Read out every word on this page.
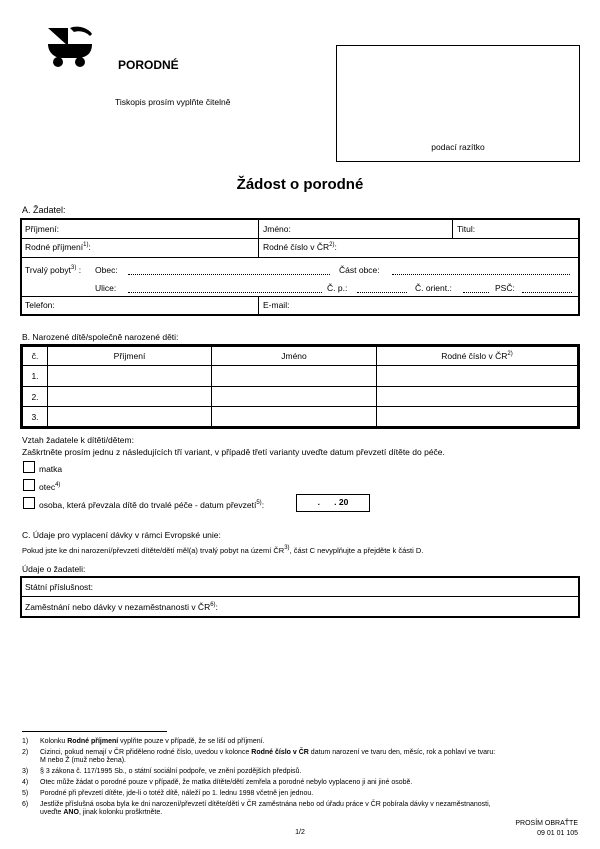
PORODNÉ
Tiskopis prosím vyplňte čitelně
podací razítko
Žádost o porodné
A. Žadatel:
Příjmení:	Jméno:	Titul:
Rodné příjmení$^{1)}$:	Rodné číslo v ČR$^{2)}$:
Trvalý pobyt$^{3)}$ : Obec:	Část obce:
Ulice:	Č. p.:	Č. orient.:	PSČ:
Telefon:	E-mail:
B. Narozené dítě/společně narozené děti:
č.	Příjmení	Jméno	Rodné číslo v ČR$^{2)}$
1.			
2.			
3.			
Vztah žadatele k dítěti/dětem:
Zaškrtněte prosím jednu z následujících tří variant, v případě třetí varianty uveďte datum převzetí dítěte do péče.
matka
otec$^{4)}$
osoba, která převzala dítě do trvalé péče - datum převzetí$^{5)}$:	.      . 20
C. Údaje pro vyplacení dávky v rámci Evropské unie:
Pokud jste ke dni narození/převzetí dítěte/dětí měl(a) trvalý pobyt na území ČR$^{3)}$, část C nevyplňujte a přejděte k části D.
Údaje o žadateli:
Státní příslušnost:
Zaměstnání nebo dávky v nezaměstnanosti v ČR$^{6)}$:
1) Kolonku Rodné příjmení vyplňte pouze v případě, že se liší od příjmení.
2) Cizinci, pokud nemají v ČR přiděleno rodné číslo, uvedou v kolonce Rodné číslo v ČR datum narození ve tvaru den, měsíc, rok a pohlaví ve tvaru:
M nebo Ž (muž nebo žena).
3) § 3 zákona č. 117/1995 Sb., o státní sociální podpoře, ve znění pozdějších předpisů.
4) Otec může žádat o porodné pouze v případě, že matka dítěte/dětí zemřela a porodné nebylo vyplaceno ji ani jiné osobě.
5) Porodné při převzetí dítěte, jde-li o totéž dítě, náleží po 1. lednu 1998 včetně jen jednou.
6) Jestliže příslušná osoba byla ke dni narození/převzetí dítěte/dětí v ČR zaměstnána nebo od úřadu práce v ČR pobírala dávky v nezaměstnanosti,
uveďte ANO, jinak kolonku proškrtněte.
1/2
PROSÍM OBRAŤTE
09 01 01 105
